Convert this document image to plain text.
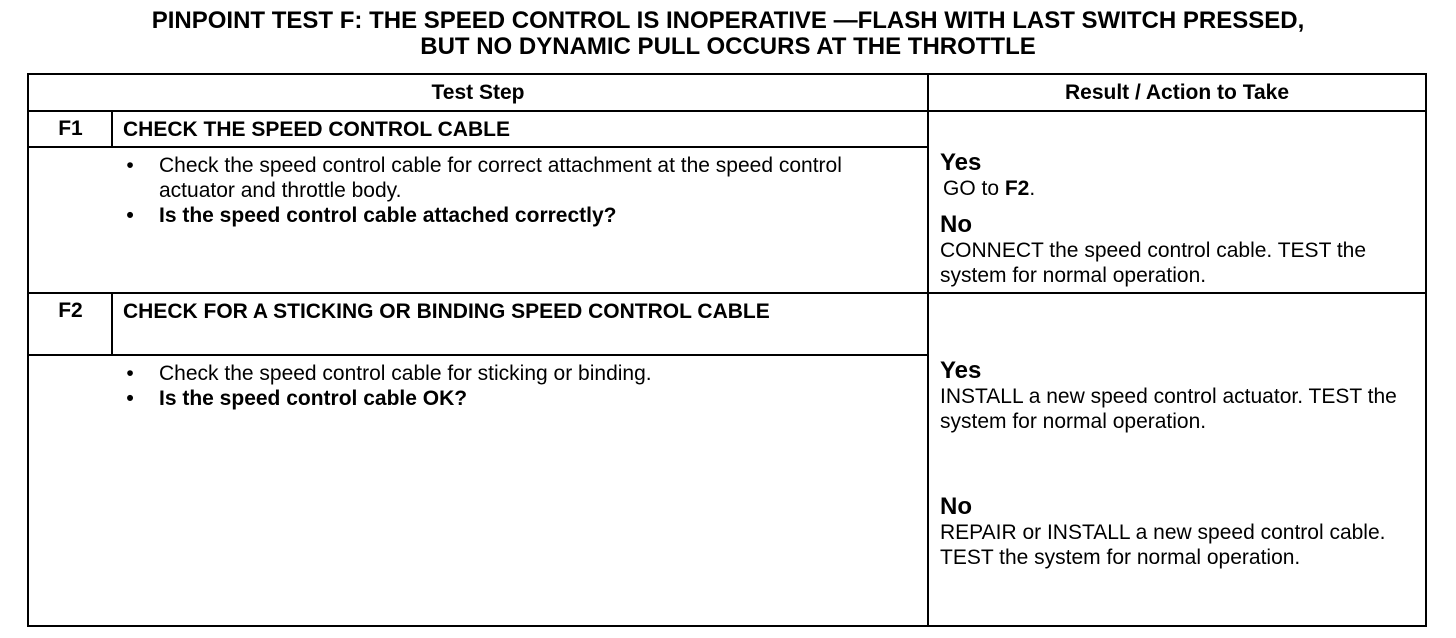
PINPOINT TEST F: THE SPEED CONTROL IS INOPERATIVE —FLASH WITH LAST SWITCH PRESSED,
BUT NO DYNAMIC PULL OCCURS AT THE THROTTLE
Test Step	Result / Action to Take
F1	CHECK THE SPEED CONTROL CABLE
• Check the speed control cable for correct attachment at the speed control actuator and throttle body.
• Is the speed control cable attached correctly?
Yes
GO to F2.
No
CONNECT the speed control cable. TEST the system for normal operation.
F2	CHECK FOR A STICKING OR BINDING SPEED CONTROL CABLE
• Check the speed control cable for sticking or binding.
• Is the speed control cable OK?
Yes
INSTALL a new speed control actuator. TEST the system for normal operation.
No
REPAIR or INSTALL a new speed control cable. TEST the system for normal operation.
